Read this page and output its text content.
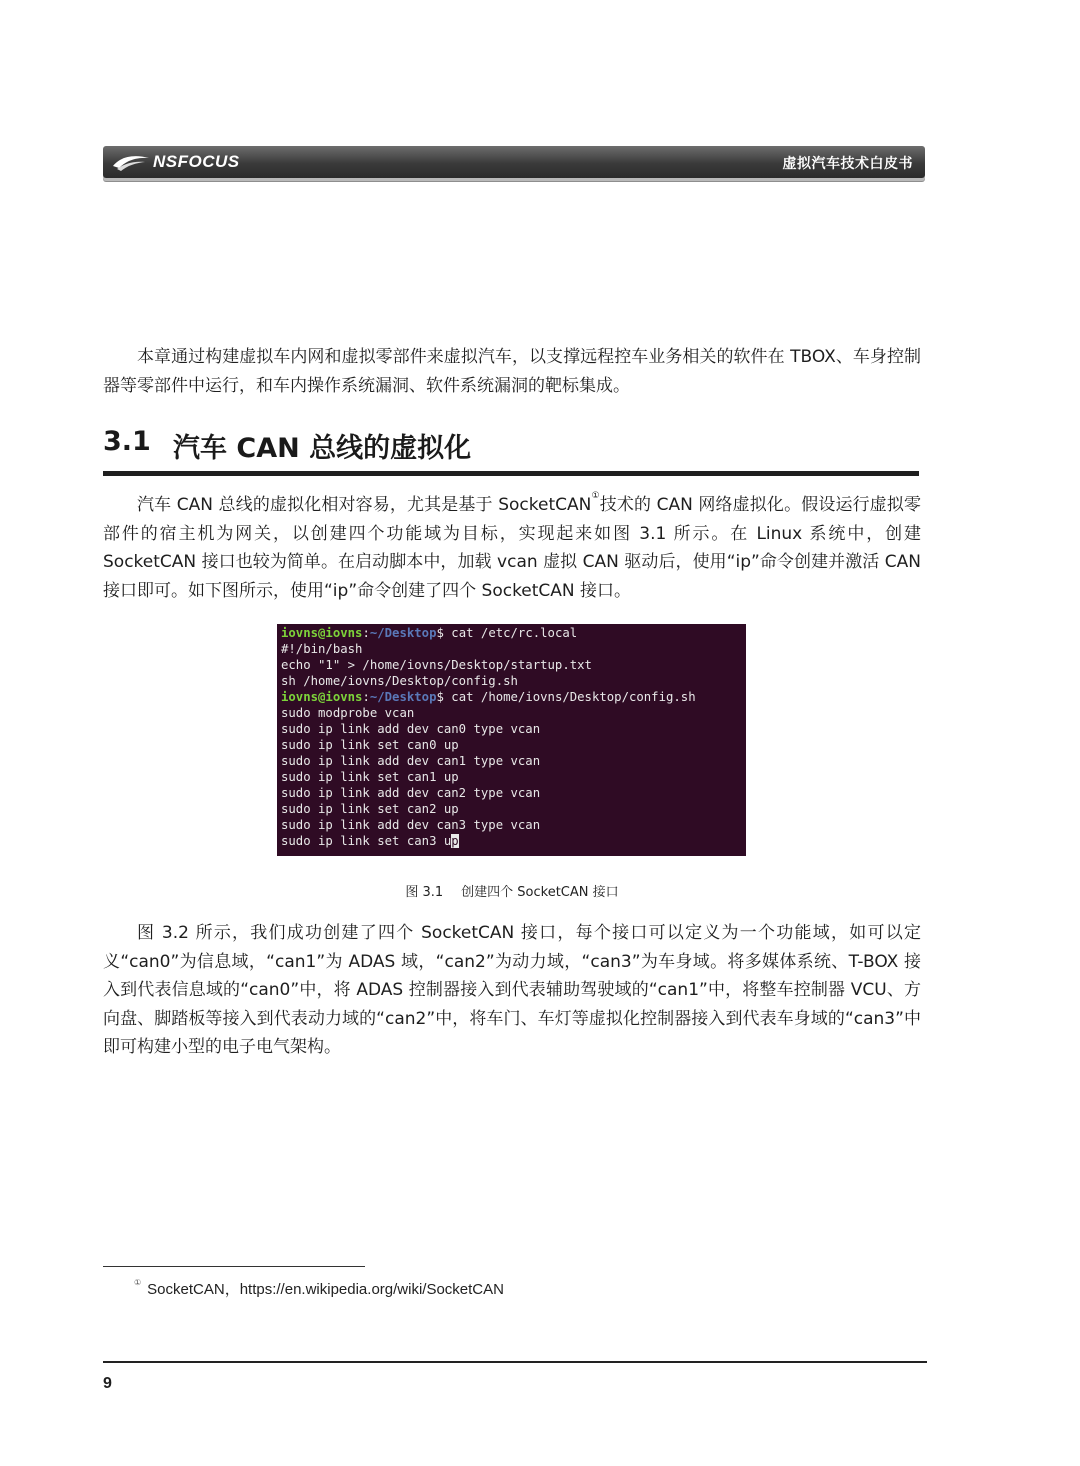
NSFOCUS	虚拟汽车技术白皮书

本章通过构建虚拟车内网和虚拟零部件来虚拟汽车，以支撑远程控车业务相关的软件在 TBOX、车身控制器等零部件中运行，和车内操作系统漏洞、软件系统漏洞的靶标集成。

3.1 汽车 CAN 总线的虚拟化

汽车 CAN 总线的虚拟化相对容易，尤其是基于 SocketCAN①技术的 CAN 网络虚拟化。假设运行虚拟零部件的宿主机为网关，以创建四个功能域为目标，实现起来如图 3.1 所示。在 Linux 系统中，创建 SocketCAN 接口也较为简单。在启动脚本中，加载 vcan 虚拟 CAN 驱动后，使用“ip”命令创建并激活 CAN 接口即可。如下图所示，使用“ip”命令创建了四个 SocketCAN 接口。

iovns@iovns:~/Desktop$ cat /etc/rc.local
#!/bin/bash
echo "1" > /home/iovns/Desktop/startup.txt
sh /home/iovns/Desktop/config.sh
iovns@iovns:~/Desktop$ cat /home/iovns/Desktop/config.sh
sudo modprobe vcan
sudo ip link add dev can0 type vcan
sudo ip link set can0 up
sudo ip link add dev can1 type vcan
sudo ip link set can1 up
sudo ip link add dev can2 type vcan
sudo ip link set can2 up
sudo ip link add dev can3 type vcan
sudo ip link set can3 up
图 3.1 创建四个 SocketCAN 接口

图 3.2 所示，我们成功创建了四个 SocketCAN 接口，每个接口可以定义为一个功能域，如可以定义“can0”为信息域，“can1”为 ADAS 域，“can2”为动力域，“can3”为车身域。将多媒体系统、T-BOX 接入到代表信息域的“can0”中，将 ADAS 控制器接入到代表辅助驾驶域的“can1”中，将整车控制器 VCU、方向盘、脚踏板等接入到代表动力域的“can2”中，将车门、车灯等虚拟化控制器接入到代表车身域的“can3”中即可构建小型的电子电气架构。

① SocketCAN，https://en.wikipedia.org/wiki/SocketCAN
9
